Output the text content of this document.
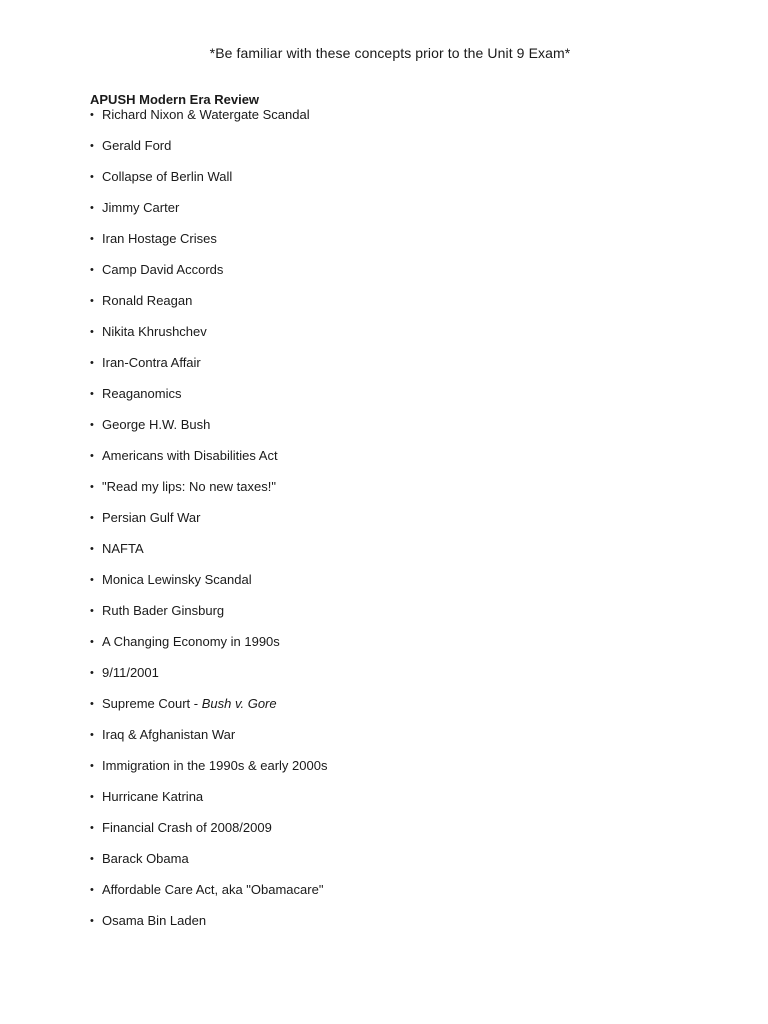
*Be familiar with these concepts prior to the Unit 9 Exam*
APUSH Modern Era Review
• Richard Nixon & Watergate Scandal
• Gerald Ford
• Collapse of Berlin Wall
• Jimmy Carter
• Iran Hostage Crises
• Camp David Accords
• Ronald Reagan
• Nikita Khrushchev
• Iran-Contra Affair
• Reaganomics
• George H.W. Bush
• Americans with Disabilities Act
• "Read my lips: No new taxes!"
• Persian Gulf War
• NAFTA
• Monica Lewinsky Scandal
• Ruth Bader Ginsburg
• A Changing Economy in 1990s
• 9/11/2001
• Supreme Court - Bush v. Gore
• Iraq & Afghanistan War
• Immigration in the 1990s & early 2000s
• Hurricane Katrina
• Financial Crash of 2008/2009
• Barack Obama
• Affordable Care Act, aka "Obamacare"
• Osama Bin Laden
